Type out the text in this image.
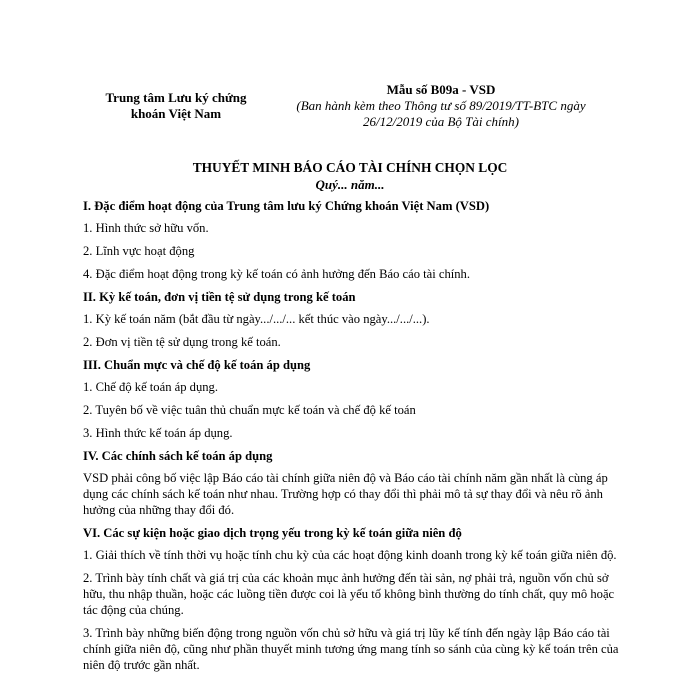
Trung tâm Lưu ký chứng khoán Việt Nam

Mẫu số B09a - VSD

(Ban hành kèm theo Thông tư số 89/2019/TT-BTC ngày 26/12/2019 của Bộ Tài chính)

THUYẾT MINH BÁO CÁO TÀI CHÍNH CHỌN LỌC
Quý... năm...

I. Đặc điểm hoạt động của Trung tâm lưu ký Chứng khoán Việt Nam (VSD)

1. Hình thức sở hữu vốn.

2. Lĩnh vực hoạt động

4. Đặc điểm hoạt động trong kỳ kế toán có ảnh hưởng đến Báo cáo tài chính.

II. Kỳ kế toán, đơn vị tiền tệ sử dụng trong kế toán

1. Kỳ kế toán năm (bắt đầu từ ngày.../.../... kết thúc vào ngày.../.../...).

2. Đơn vị tiền tệ sử dụng trong kế toán.

III. Chuẩn mực và chế độ kế toán áp dụng

1. Chế độ kế toán áp dụng.

2. Tuyên bố về việc tuân thủ chuẩn mực kế toán và chế độ kế toán

3. Hình thức kế toán áp dụng.

IV. Các chính sách kế toán áp dụng

VSD phải công bố việc lập Báo cáo tài chính giữa niên độ và Báo cáo tài chính năm gần nhất là cùng áp dụng các chính sách kế toán như nhau. Trường hợp có thay đổi thì phải mô tả sự thay đổi và nêu rõ ảnh hưởng của những thay đổi đó.

VI. Các sự kiện hoặc giao dịch trọng yếu trong kỳ kế toán giữa niên độ

1. Giải thích về tính thời vụ hoặc tính chu kỳ của các hoạt động kinh doanh trong kỳ kế toán giữa niên độ.

2. Trình bày tính chất và giá trị của các khoản mục ảnh hưởng đến tài sản, nợ phải trả, nguồn vốn chủ sở hữu, thu nhập thuần, hoặc các luồng tiền được coi là yếu tố không bình thường do tính chất, quy mô hoặc tác động của chúng.

3. Trình bày những biến động trong nguồn vốn chủ sở hữu và giá trị lũy kế tính đến ngày lập Báo cáo tài chính giữa niên độ, cũng như phần thuyết minh tương ứng mang tính so sánh của cùng kỳ kế toán trên của niên độ trước gần nhất.
